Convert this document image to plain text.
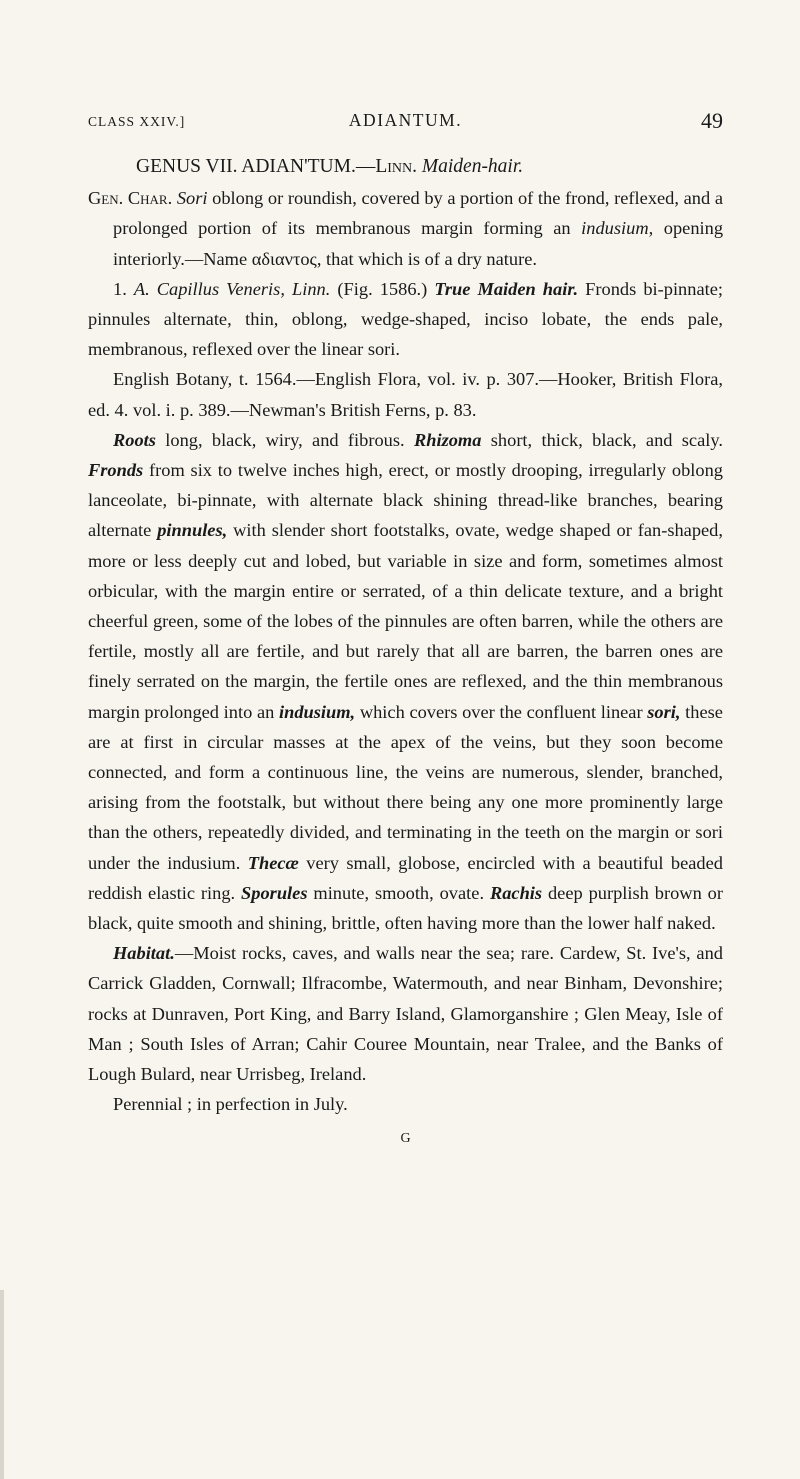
CLASS XXIV.]	ADIANTUM.	49

GENUS VII. ADIAN'TUM.—Linn. Maiden-hair.

Gen. Char. Sori oblong or roundish, covered by a portion of the frond, reflexed, and a prolonged portion of its membranous margin forming an indusium, opening interiorly.—Name αδιαντος, that which is of a dry nature.

1. A. Capillus Veneris, Linn. (Fig. 1586.) True Maiden hair. Fronds bi-pinnate; pinnules alternate, thin, oblong, wedge-shaped, inciso lobate, the ends pale, membranous, reflexed over the linear sori.

English Botany, t. 1564.—English Flora, vol. iv. p. 307.—Hooker, British Flora, ed. 4. vol. i. p. 389.—Newman's British Ferns, p. 83.

Roots long, black, wiry, and fibrous. Rhizoma short, thick, black, and scaly. Fronds from six to twelve inches high, erect, or mostly drooping, irregularly oblong lanceolate, bi-pinnate, with alternate black shining thread-like branches, bearing alternate pinnules, with slender short footstalks, ovate, wedge shaped or fan-shaped, more or less deeply cut and lobed, but variable in size and form, sometimes almost orbicular, with the margin entire or serrated, of a thin delicate texture, and a bright cheerful green, some of the lobes of the pinnules are often barren, while the others are fertile, mostly all are fertile, and but rarely that all are barren, the barren ones are finely serrated on the margin, the fertile ones are reflexed, and the thin membranous margin prolonged into an indusium, which covers over the confluent linear sori, these are at first in circular masses at the apex of the veins, but they soon become connected, and form a continuous line, the veins are numerous, slender, branched, arising from the footstalk, but without there being any one more prominently large than the others, repeatedly divided, and terminating in the teeth on the margin or sori under the indusium. Thecæ very small, globose, encircled with a beautiful beaded reddish elastic ring. Sporules minute, smooth, ovate. Rachis deep purplish brown or black, quite smooth and shining, brittle, often having more than the lower half naked.

Habitat.—Moist rocks, caves, and walls near the sea; rare. Cardew, St. Ive's, and Carrick Gladden, Cornwall; Ilfracombe, Watermouth, and near Binham, Devonshire; rocks at Dunraven, Port King, and Barry Island, Glamorganshire ; Glen Meay, Isle of Man ; South Isles of Arran; Cahir Couree Mountain, near Tralee, and the Banks of Lough Bulard, near Urrisbeg, Ireland.

Perennial ; in perfection in July.

G
